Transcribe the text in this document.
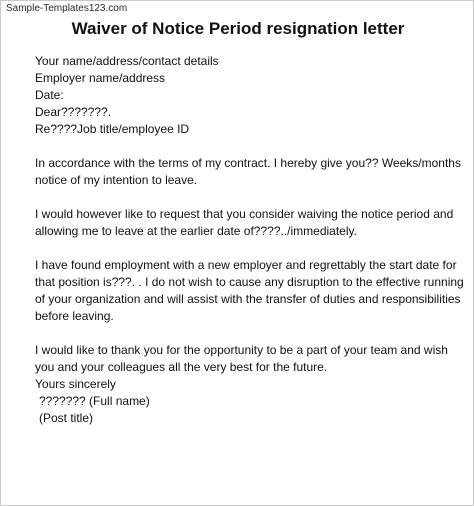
Sample-Templates123.com
Waiver of Notice Period resignation letter
Your name/address/contact details
Employer name/address
Date:
Dear???????.
Re????Job title/employee ID
In accordance with the terms of my contract. I hereby give you?? Weeks/months
notice of my intention to leave.
I would however like to request that you consider waiving the notice period and
allowing me to leave at the earlier date of????../immediately.
I have found employment with a new employer and regrettably the start date for
that position is???. . I do not wish to cause any disruption to the effective running
of your organization and will assist with the transfer of duties and responsibilities
before leaving.
I would like to thank you for the opportunity to be a part of your team and wish
you and your colleagues all the very best for the future.
Yours sincerely
??????? (Full name)
(Post title)
